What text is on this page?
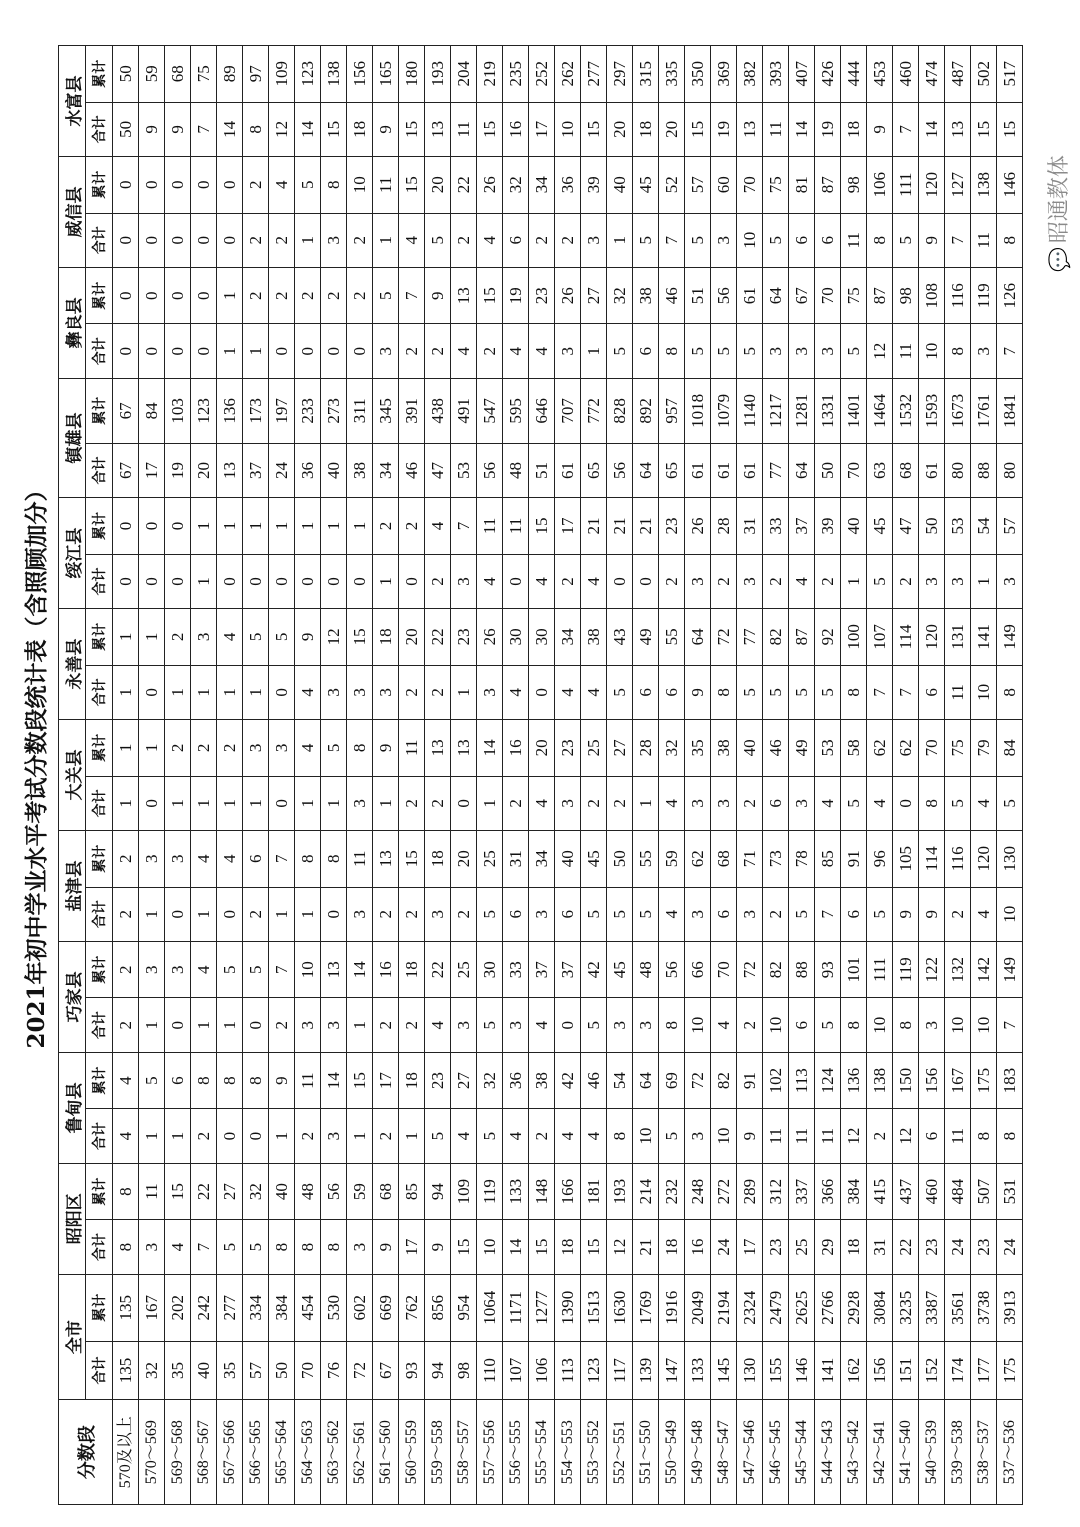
2021年初中学业水平考试分数段统计表（含照顾加分）
分数段	全市		昭阳区		鲁甸县		巧家县		盐津县		大关县		永善县		绥江县		镇雄县		彝良县		威信县		水富县	
	合计	累计	合计	累计	合计	累计	合计	累计	合计	累计	合计	累计	合计	累计	合计	累计	合计	累计	合计	累计	合计	累计	合计	累计
570及以上	135	135	8	8	4	4	2	2	2	2	1	1	1	1	0	0	67	67	0	0	0	0	50	50
570～569	32	167	3	11	1	5	1	3	1	3	0	1	0	1	0	0	17	84	0	0	0	0	9	59
569～568	35	202	4	15	1	6	0	3	0	3	1	2	1	2	0	0	19	103	0	0	0	0	9	68
568～567	40	242	7	22	2	8	1	4	1	4	1	2	1	3	1	1	20	123	0	0	0	0	7	75
567～566	35	277	5	27	0	8	1	5	0	4	1	2	1	4	0	1	13	136	1	1	0	0	14	89
566～565	57	334	5	32	0	8	0	5	2	6	1	3	1	5	0	1	37	173	1	2	2	2	8	97
565～564	50	384	8	40	1	9	2	7	1	7	0	3	0	5	0	1	24	197	0	2	2	4	12	109
564～563	70	454	8	48	2	11	3	10	1	8	1	4	4	9	0	1	36	233	0	2	1	5	14	123
563～562	76	530	8	56	3	14	3	13	0	8	1	5	3	12	0	1	40	273	0	2	3	8	15	138
562～561	72	602	3	59	1	15	1	14	3	11	3	8	3	15	0	1	38	311	0	2	2	10	18	156
561～560	67	669	9	68	2	17	2	16	2	13	1	9	3	18	1	2	34	345	3	5	1	11	9	165
560～559	93	762	17	85	1	18	2	18	2	15	2	11	2	20	0	2	46	391	2	7	4	15	15	180
559～558	94	856	9	94	5	23	4	22	3	18	2	13	2	22	2	4	47	438	2	9	5	20	13	193
558～557	98	954	15	109	4	27	3	25	2	20	0	13	1	23	3	7	53	491	4	13	2	22	11	204
557～556	110	1064	10	119	5	32	5	30	5	25	1	14	3	26	4	11	56	547	2	15	4	26	15	219
556～555	107	1171	14	133	4	36	3	33	6	31	2	16	4	30	0	11	48	595	4	19	6	32	16	235
555～554	106	1277	15	148	2	38	4	37	3	34	4	20	0	30	4	15	51	646	4	23	2	34	17	252
554～553	113	1390	18	166	4	42	0	37	6	40	3	23	4	34	2	17	61	707	3	26	2	36	10	262
553～552	123	1513	15	181	4	46	5	42	5	45	2	25	4	38	4	21	65	772	1	27	3	39	15	277
552～551	117	1630	12	193	8	54	3	45	5	50	2	27	5	43	0	21	56	828	5	32	1	40	20	297
551～550	139	1769	21	214	10	64	3	48	5	55	1	28	6	49	0	21	64	892	6	38	5	45	18	315
550～549	147	1916	18	232	5	69	8	56	4	59	4	32	6	55	2	23	65	957	8	46	7	52	20	335
549～548	133	2049	16	248	3	72	10	66	3	62	3	35	9	64	3	26	61	1018	5	51	5	57	15	350
548～547	145	2194	24	272	10	82	4	70	6	68	3	38	8	72	2	28	61	1079	5	56	3	60	19	369
547～546	130	2324	17	289	9	91	2	72	3	71	2	40	5	77	3	31	61	1140	5	61	10	70	13	382
546～545	155	2479	23	312	11	102	10	82	2	73	6	46	5	82	2	33	77	1217	3	64	5	75	11	393
545～544	146	2625	25	337	11	113	6	88	5	78	3	49	5	87	4	37	64	1281	3	67	6	81	14	407
544～543	141	2766	29	366	11	124	5	93	7	85	4	53	5	92	2	39	50	1331	3	70	6	87	19	426
543～542	162	2928	18	384	12	136	8	101	6	91	5	58	8	100	1	40	70	1401	5	75	11	98	18	444
542～541	156	3084	31	415	2	138	10	111	5	96	4	62	7	107	5	45	63	1464	12	87	8	106	9	453
541～540	151	3235	22	437	12	150	8	119	9	105	0	62	7	114	2	47	68	1532	11	98	5	111	7	460
540～539	152	3387	23	460	6	156	3	122	9	114	8	70	6	120	3	50	61	1593	10	108	9	120	14	474
539～538	174	3561	24	484	11	167	10	132	2	116	5	75	11	131	3	53	80	1673	8	116	7	127	13	487
538～537	177	3738	23	507	8	175	10	142	4	120	4	79	10	141	1	54	88	1761	3	119	11	138	15	502
537～536	175	3913	24	531	8	183	7	149	10	130	5	84	8	149	3	57	80	1841	7	126	8	146	15	517
💬昭通教体
